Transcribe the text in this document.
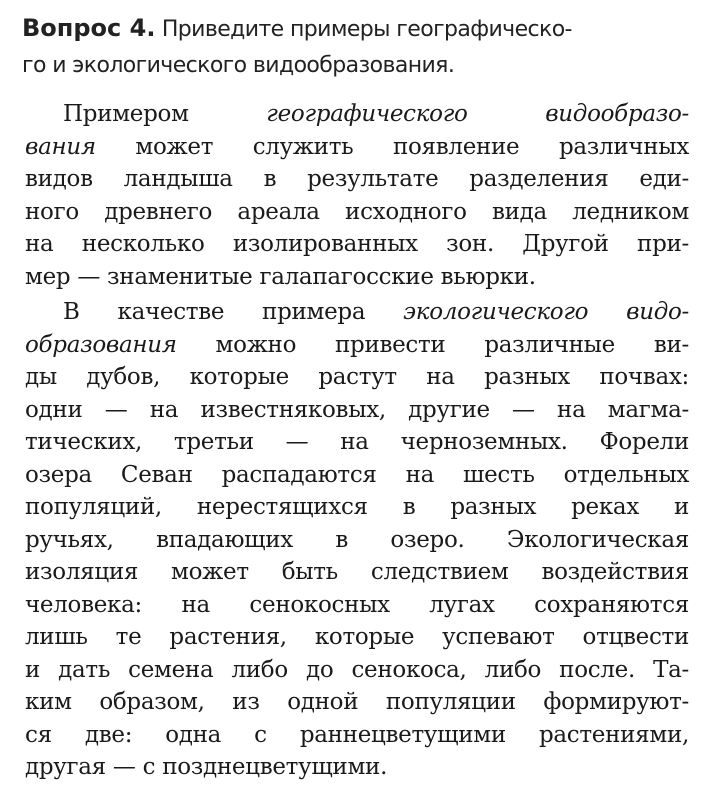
Вопрос 4. Приведите примеры географическо-
го и экологического видообразования.
Примером географического видообразо-
вания может служить появление различных
видов ландыша в результате разделения еди-
ного древнего ареала исходного вида ледником
на несколько изолированных зон. Другой при-
мер — знаменитые галапагосские вьюрки.
В качестве примера экологического видо-
образования можно привести различные ви-
ды дубов, которые растут на разных почвах:
одни — на известняковых, другие — на магма-
тических, третьи — на черноземных. Форели
озера Севан распадаются на шесть отдельных
популяций, нерестящихся в разных реках и
ручьях, впадающих в озеро. Экологическая
изоляция может быть следствием воздействия
человека: на сенокосных лугах сохраняются
лишь те растения, которые успевают отцвести
и дать семена либо до сенокоса, либо после. Та-
ким образом, из одной популяции формируют-
ся две: одна с раннецветущими растениями,
другая — с позднецветущими.
